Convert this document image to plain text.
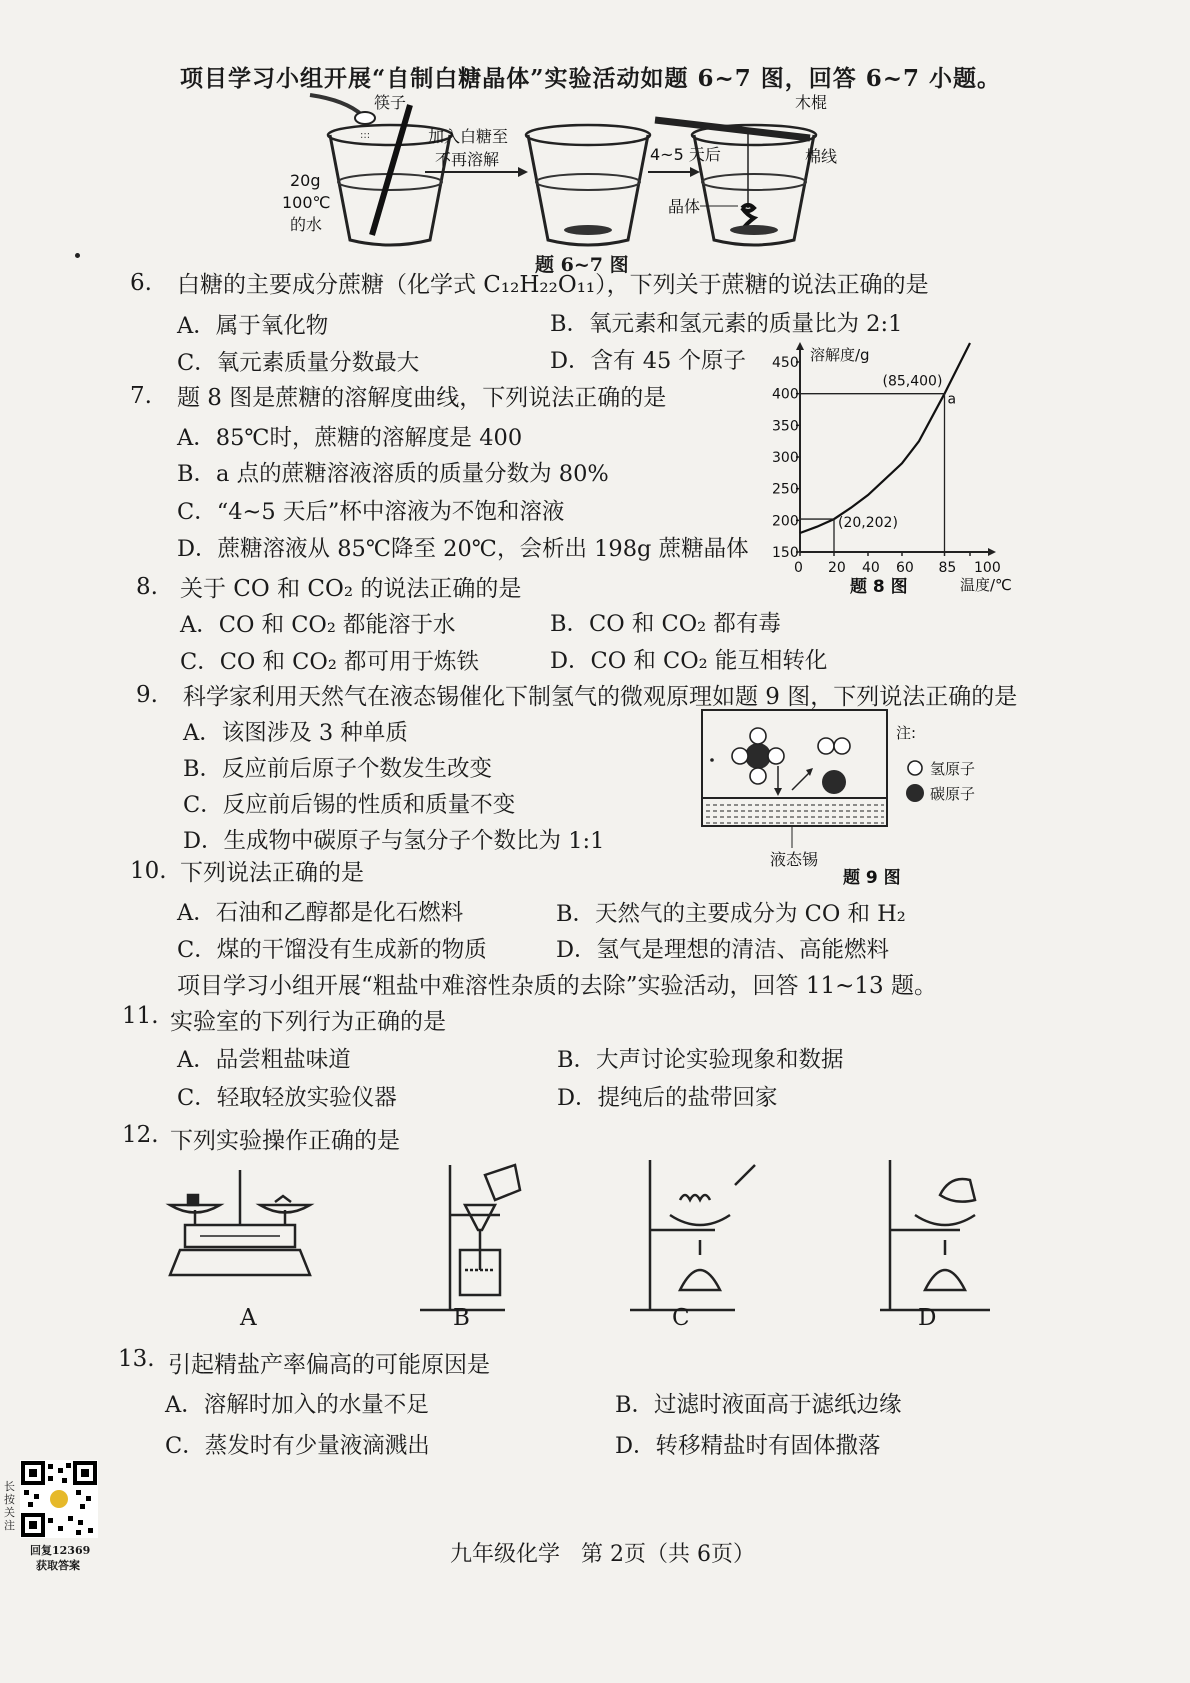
项目学习小组开展“自制白糖晶体”实验活动如题 6~7 图，回答 6~7 小题。
:::
筷子
20g
100℃
的水
加入白糖至
不再溶解	4~5 天后
木棍
棉线
晶体
题 6~7 图
6. 白糖的主要成分蔗糖（化学式 C₁₂H₂₂O₁₁），下列关于蔗糖的说法正确的是
A．属于氧化物	B．氧元素和氢元素的质量比为 2:1
C．氧元素质量分数最大	D．含有 45 个原子
7. 题 8 图是蔗糖的溶解度曲线，下列说法正确的是
A．85℃时，蔗糖的溶解度是 400
B．a 点的蔗糖溶液溶质的质量分数为 80%
C．“4~5 天后”杯中溶液为不饱和溶液
D．蔗糖溶液从 85℃降至 20℃，会析出 198g 蔗糖晶体
溶解度/g
温度/℃
150
200
250
300
350
400
450
0 20 40 60 85 100
(85,400)
a
(20,202)
题 8 图
8. 关于 CO 和 CO₂ 的说法正确的是
A．CO 和 CO₂ 都能溶于水	B．CO 和 CO₂ 都有毒
C．CO 和 CO₂ 都可用于炼铁	D．CO 和 CO₂ 能互相转化
9. 科学家利用天然气在液态锡催化下制氢气的微观原理如题 9 图，下列说法正确的是
A．该图涉及 3 种单质
B．反应前后原子个数发生改变
C．反应前后锡的性质和质量不变
D．生成物中碳原子与氢分子个数比为 1:1
注:
氢原子
碳原子
液态锡
题 9 图
10. 下列说法正确的是
A．石油和乙醇都是化石燃料	B．天然气的主要成分为 CO 和 H₂
C．煤的干馏没有生成新的物质	D．氢气是理想的清洁、高能燃料
项目学习小组开展“粗盐中难溶性杂质的去除”实验活动，回答 11~13 题。
11. 实验室的下列行为正确的是
A．品尝粗盐味道	B．大声讨论实验现象和数据
C．轻取轻放实验仪器	D．提纯后的盐带回家
12. 下列实验操作正确的是
A	B	C	D
13. 引起精盐产率偏高的可能原因是
A．溶解时加入的水量不足	B．过滤时液面高于滤纸边缘
C．蒸发时有少量液滴溅出	D．转移精盐时有固体撒落
九年级化学   第 2页（共 6页）
长按关注
回复12369
获取答案
